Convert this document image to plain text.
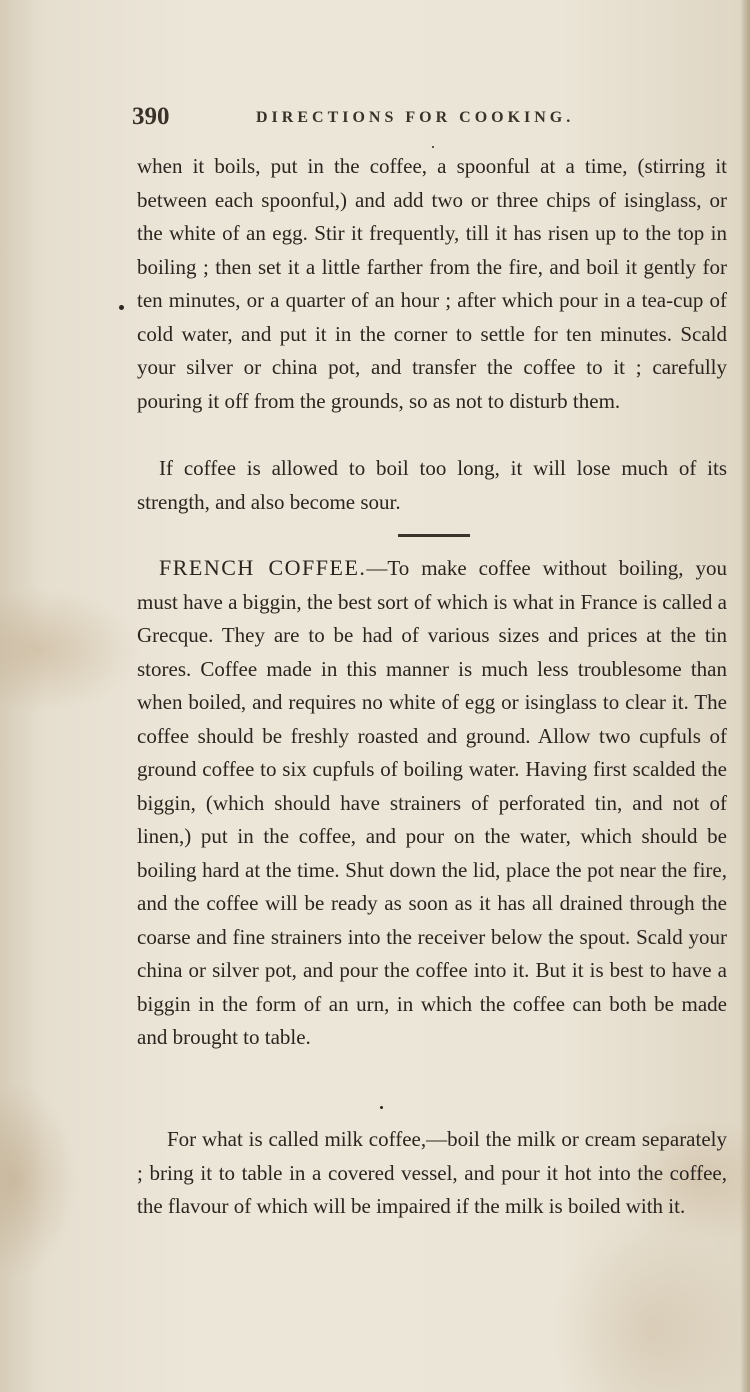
390	DIRECTIONS FOR COOKING.

when it boils, put in the coffee, a spoonful at a time, (stirring it between each spoonful,) and add two or three chips of isinglass, or the white of an egg. Stir it frequently, till it has risen up to the top in boiling ; then set it a little farther from the fire, and boil it gently for ten minutes, or a quarter of an hour ; after which pour in a tea-cup of cold water, and put it in the corner to settle for ten minutes. Scald your silver or china pot, and transfer the coffee to it ; carefully pouring it off from the grounds, so as not to disturb them.

If coffee is allowed to boil too long, it will lose much of its strength, and also become sour.

FRENCH COFFEE.—To make coffee without boiling, you must have a biggin, the best sort of which is what in France is called a Grecque. They are to be had of various sizes and prices at the tin stores. Coffee made in this manner is much less troublesome than when boiled, and requires no white of egg or isinglass to clear it. The coffee should be freshly roasted and ground. Allow two cupfuls of ground coffee to six cupfuls of boiling water. Having first scalded the biggin, (which should have strainers of perforated tin, and not of linen,) put in the coffee, and pour on the water, which should be boiling hard at the time. Shut down the lid, place the pot near the fire, and the coffee will be ready as soon as it has all drained through the coarse and fine strainers into the receiver below the spout. Scald your china or silver pot, and pour the coffee into it. But it is best to have a biggin in the form of an urn, in which the coffee can both be made and brought to table.

For what is called milk coffee,—boil the milk or cream separately ; bring it to table in a covered vessel, and pour it hot into the coffee, the flavour of which will be impaired if the milk is boiled with it.
